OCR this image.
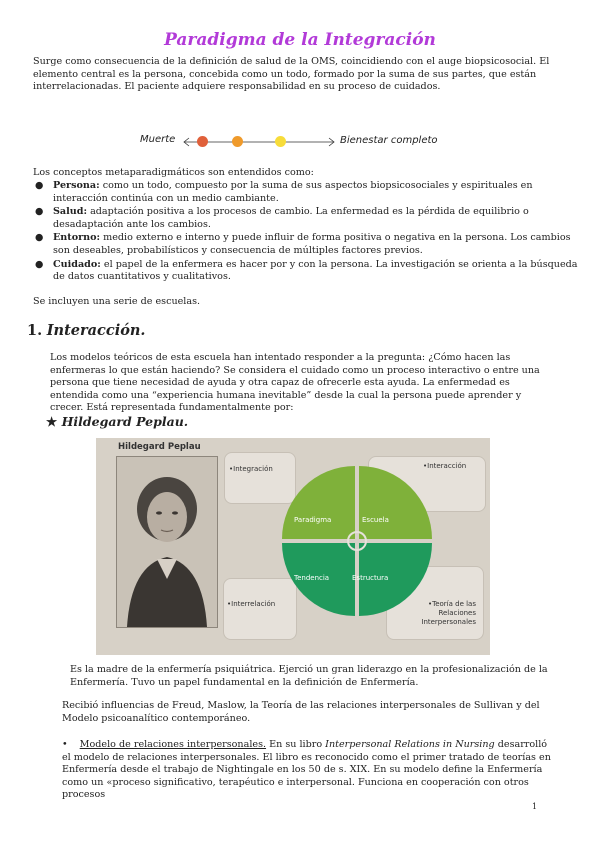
Paradigma de la Integración
Surge como consecuencia de la definición de salud de la OMS, coincidiendo con el auge biopsicosocial. El elemento central es la persona, concebida como un todo, formado por la suma de sus partes, que están interrelacionadas. El paciente adquiere responsabilidad en su proceso de cuidados.
Muerte	Bienestar completo
Los conceptos metaparadigmáticos son entendidos como:
● Persona: como un todo, compuesto por la suma de sus aspectos biopsicosociales y espirituales en interacción continúa con un medio cambiante.
● Salud: adaptación positiva a los procesos de cambio. La enfermedad es la pérdida de equilibrio o desadaptación ante los cambios.
● Entorno: medio externo e interno y puede influir de forma positiva o negativa en la persona. Los cambios son deseables, probabilísticos y consecuencia de múltiples factores previos.
● Cuidado: el papel de la enfermera es hacer por y con la persona. La investigación se orienta a la búsqueda de datos cuantitativos y cualitativos.
Se incluyen una serie de escuelas.
1. Interacción.
Los modelos teóricos de esta escuela han intentado responder a la pregunta: ¿Cómo hacen las enfermeras lo que están haciendo? Se considera el cuidado como un proceso interactivo o entre una persona que tiene necesidad de ayuda y otra capaz de ofrecerle esta ayuda. La enfermedad es entendida como una “experiencia humana inevitable” desde la cual la persona puede aprender y crecer. Está representada fundamentalmente por:
★ Hildegard Peplau.
Hildegard Peplau
•Integración	•Interacción
•Interrelación	•Teoría de las Relaciones Interpersonales
Paradigma	Escuela
Tendencia	Estructura
Es la madre de la enfermería psiquiátrica. Ejerció un gran liderazgo en la profesionalización de la Enfermería. Tuvo un papel fundamental en la definición de Enfermería.
Recibió influencias de Freud, Maslow, la Teoría de las relaciones interpersonales de Sullivan y del Modelo psicoanalítico contemporáneo.
• Modelo de relaciones interpersonales. En su libro Interpersonal Relations in Nursing desarrolló el modelo de relaciones interpersonales. El libro es reconocido como el primer tratado de teorías en Enfermería desde el trabajo de Nightingale en los 50 de s. XIX. En su modelo define la Enfermería como un «proceso significativo, terapéutico e interpersonal. Funciona en cooperación con otros procesos
1
